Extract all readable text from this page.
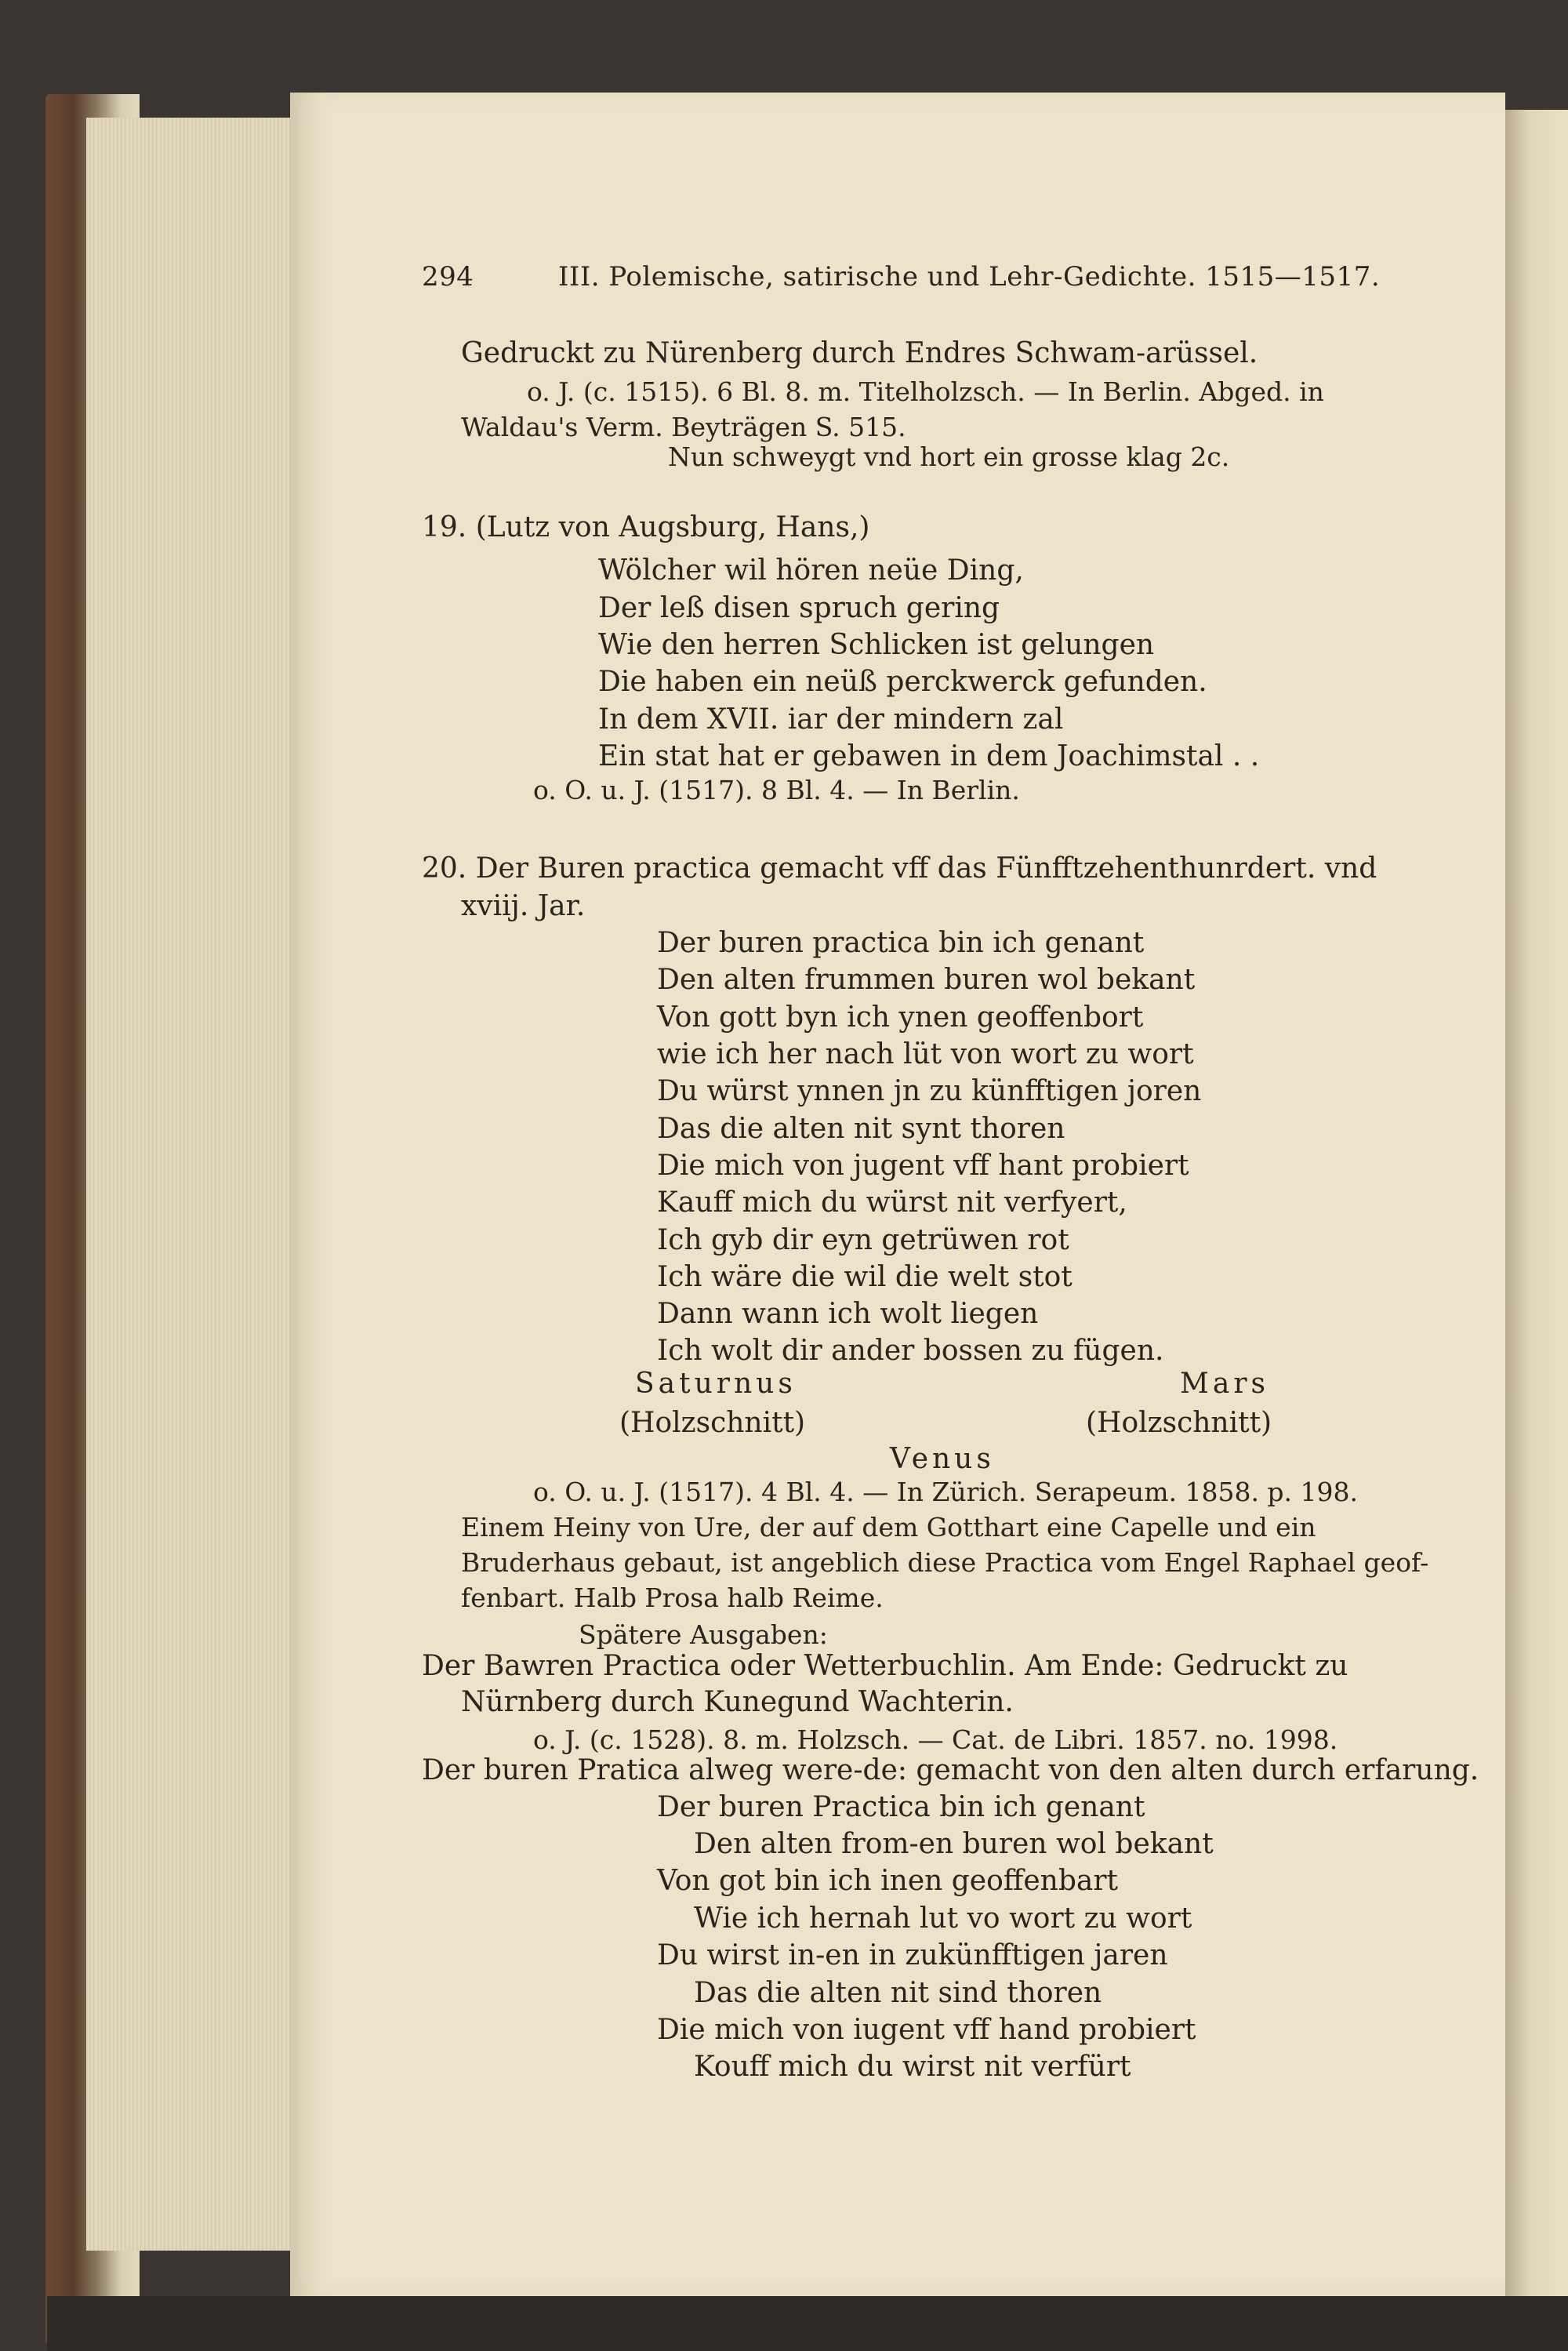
294	III. Polemische, satirische und Lehr-Gedichte. 1515—1517.
Gedruckt zu Nürenberg durch Endres Schwam-arüssel.
o. J. (c. 1515). 6 Bl. 8. m. Titelholzsch. — In Berlin. Abged. in
Waldau's Verm. Beyträgen S. 515.
Nun schweygt vnd hort ein grosse klag 2c.
19. (Lutz von Augsburg, Hans,)
Wölcher wil hören neüe Ding,
Der leß disen spruch gering
Wie den herren Schlicken ist gelungen
Die haben ein neüß perckwerck gefunden.
In dem XVII. iar der mindern zal
Ein stat hat er gebawen in dem Joachimstal . .
o. O. u. J. (1517). 8 Bl. 4. — In Berlin.
20. Der Buren practica gemacht vff das Fünfftzehenthunrdert. vnd
xviij. Jar.
Der buren practica bin ich genant
Den alten frummen buren wol bekant
Von gott byn ich ynen geoffenbort
wie ich her nach lüt von wort zu wort
Du würst ynnen jn zu künfftigen joren
Das die alten nit synt thoren
Die mich von jugent vff hant probiert
Kauff mich du würst nit verfyert,
Ich gyb dir eyn getrüwen rot
Ich wäre die wil die welt stot
Dann wann ich wolt liegen
Ich wolt dir ander bossen zu fügen.
Saturnus	Mars
(Holzschnitt)	(Holzschnitt)
Venus
o. O. u. J. (1517). 4 Bl. 4. — In Zürich. Serapeum. 1858. p. 198.
Einem Heiny von Ure, der auf dem Gotthart eine Capelle und ein
Bruderhaus gebaut, ist angeblich diese Practica vom Engel Raphael geof-
fenbart. Halb Prosa halb Reime.
Spätere Ausgaben:
Der Bawren Practica oder Wetterbuchlin. Am Ende: Gedruckt zu
Nürnberg durch Kunegund Wachterin.
o. J. (c. 1528). 8. m. Holzsch. — Cat. de Libri. 1857. no. 1998.
Der buren Pratica alweg were-de: gemacht von den alten durch erfarung.
Der buren Practica bin ich genant
Den alten from-en buren wol bekant
Von got bin ich inen geoffenbart
Wie ich hernah lut vo wort zu wort
Du wirst in-en in zukünfftigen jaren
Das die alten nit sind thoren
Die mich von iugent vff hand probiert
Kouff mich du wirst nit verfürt
